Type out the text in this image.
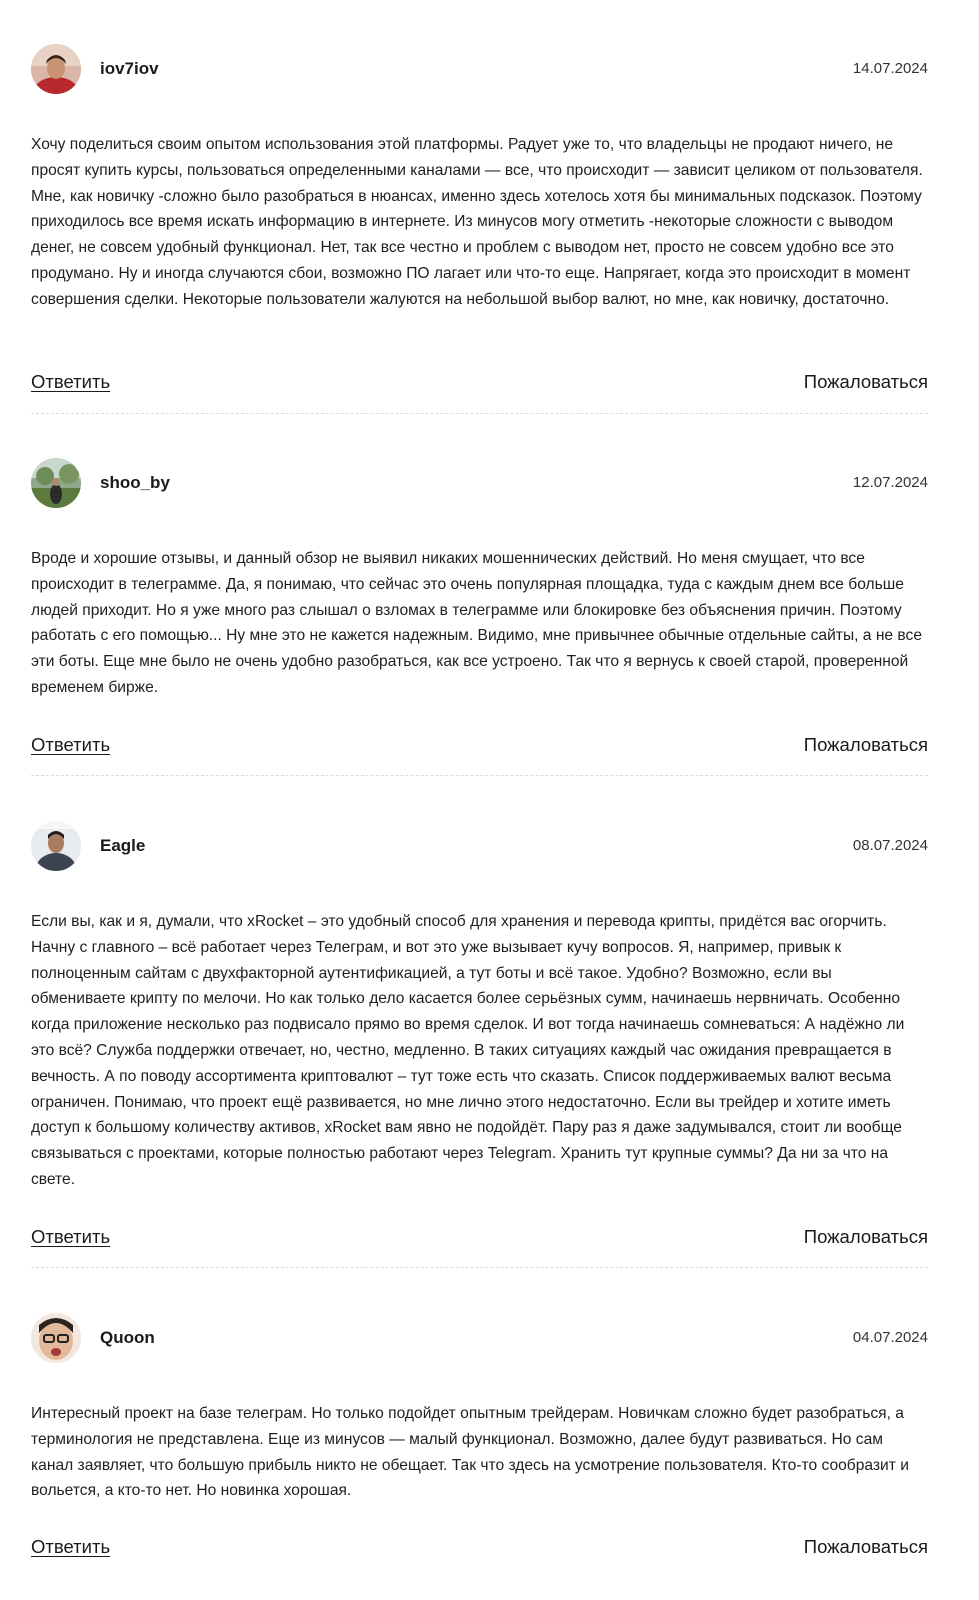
iov7iov	14.07.2024

Хочу поделиться своим опытом использования этой платформы. Радует уже то, что владельцы не продают ничего, не просят купить курсы, пользоваться определенными каналами — все, что происходит — зависит целиком от пользователя. Мне, как новичку -сложно было разобраться в нюансах, именно здесь хотелось хотя бы минимальных подсказок. Поэтому приходилось все время искать информацию в интернете. Из минусов могу отметить -некоторые сложности с выводом денег, не совсем удобный функционал. Нет, так все честно и проблем с выводом нет, просто не совсем удобно все это продумано. Ну и иногда случаются сбои, возможно ПО лагает или что-то еще. Напрягает, когда это происходит в момент совершения сделки. Некоторые пользователи жалуются на небольшой выбор валют, но мне, как новичку, достаточно.

Ответить	Пожаловаться
shoo_by	12.07.2024

Вроде и хорошие отзывы, и данный обзор не выявил никаких мошеннических действий. Но меня смущает, что все происходит в телеграмме. Да, я понимаю, что сейчас это очень популярная площадка, туда с каждым днем все больше людей приходит. Но я уже много раз слышал о взломах в телеграмме или блокировке без объяснения причин. Поэтому работать с его помощью... Ну мне это не кажется надежным. Видимо, мне привычнее обычные отдельные сайты, а не все эти боты. Еще мне было не очень удобно разобраться, как все устроено. Так что я вернусь к своей старой, проверенной временем бирже.

Ответить	Пожаловаться
Eagle	08.07.2024

Если вы, как и я, думали, что xRocket – это удобный способ для хранения и перевода крипты, придётся вас огорчить. Начну с главного – всё работает через Телеграм, и вот это уже вызывает кучу вопросов. Я, например, привык к полноценным сайтам с двухфакторной аутентификацией, а тут боты и всё такое. Удобно? Возможно, если вы обмениваете крипту по мелочи. Но как только дело касается более серьёзных сумм, начинаешь нервничать. Особенно когда приложение несколько раз подвисало прямо во время сделок. И вот тогда начинаешь сомневаться: А надёжно ли это всё? Служба поддержки отвечает, но, честно, медленно. В таких ситуациях каждый час ожидания превращается в вечность. А по поводу ассортимента криптовалют – тут тоже есть что сказать. Список поддерживаемых валют весьма ограничен. Понимаю, что проект ещё развивается, но мне лично этого недостаточно. Если вы трейдер и хотите иметь доступ к большому количеству активов, xRocket вам явно не подойдёт. Пару раз я даже задумывался, стоит ли вообще связываться с проектами, которые полностью работают через Telegram. Хранить тут крупные суммы? Да ни за что на свете.

Ответить	Пожаловаться
Quoon	04.07.2024

Интересный проект на базе телеграм. Но только подойдет опытным трейдерам. Новичкам сложно будет разобраться, а терминология не представлена. Еще из минусов — малый функционал. Возможно, далее будут развиваться. Но сам канал заявляет, что большую прибыль никто не обещает. Так что здесь на усмотрение пользователя. Кто-то сообразит и вольется, а кто-то нет. Но новинка хорошая.

Ответить	Пожаловаться
